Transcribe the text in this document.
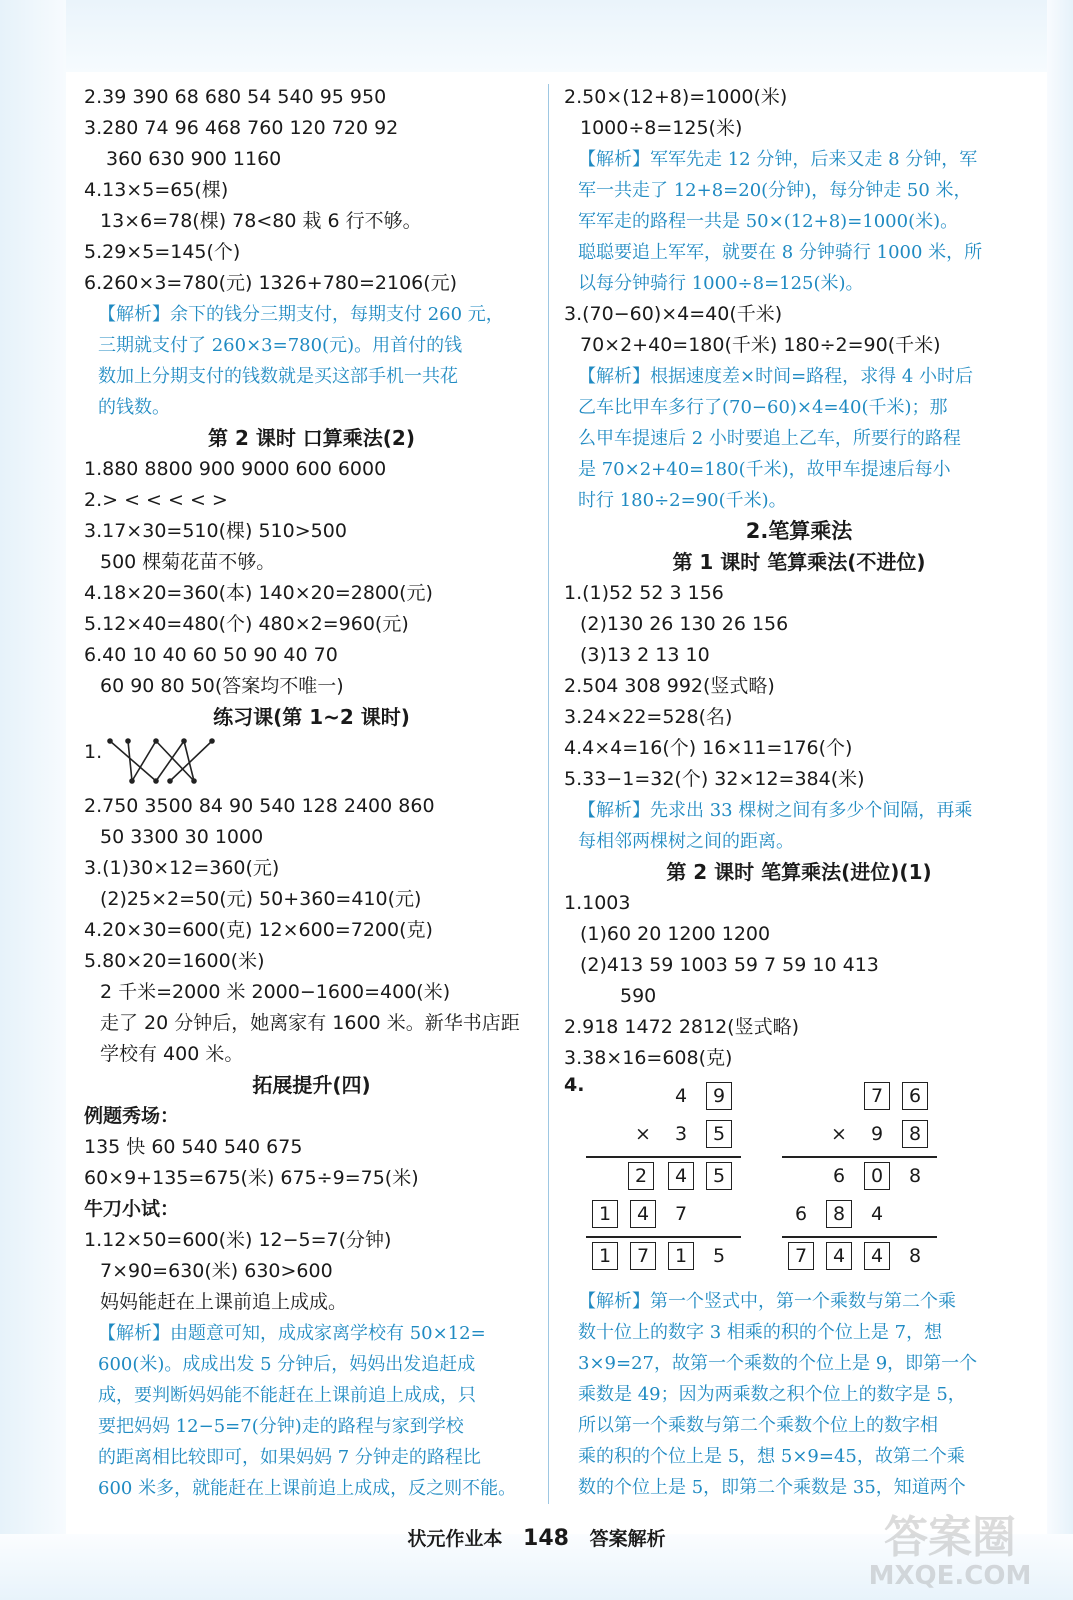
2.39 390 68 680 54 540 95 950
3.280 74 96 468 760 120 720 92
360 630 900 1160
4.13×5=65(棵)
13×6=78(棵) 78<80 栽 6 行不够。
5.29×5=145(个)
6.260×3=780(元) 1326+780=2106(元)
【解析】余下的钱分三期支付，每期支付 260 元，
三期就支付了 260×3=780(元)。用首付的钱
数加上分期支付的钱数就是买这部手机一共花
的钱数。
第 2 课时 口算乘法(2)
1.880 8800 900 9000 600 6000
2.> < < < < >
3.17×30=510(棵) 510>500
500 棵菊花苗不够。
4.18×20=360(本) 140×20=2800(元)
5.12×40=480(个) 480×2=960(元)
6.40 10 40 60 50 90 40 70
60 90 80 50(答案均不唯一)
练习课(第 1~2 课时)
1.
2.750 3500 84 90 540 128 2400 860
50 3300 30 1000
3.(1)30×12=360(元)
(2)25×2=50(元) 50+360=410(元)
4.20×30=600(克) 12×600=7200(克)
5.80×20=1600(米)
2 千米=2000 米 2000−1600=400(米)
走了 20 分钟后，她离家有 1600 米。新华书店距
学校有 400 米。
拓展提升(四)
例题秀场：
135 快 60 540 540 675
60×9+135=675(米) 675÷9=75(米)
牛刀小试：
1.12×50=600(米) 12−5=7(分钟)
7×90=630(米) 630>600
妈妈能赶在上课前追上成成。
【解析】由题意可知，成成家离学校有 50×12=
600(米)。成成出发 5 分钟后，妈妈出发追赶成
成，要判断妈妈能不能赶在上课前追上成成，只
要把妈妈 12−5=7(分钟)走的路程与家到学校
的距离相比较即可，如果妈妈 7 分钟走的路程比
600 米多，就能赶在上课前追上成成，反之则不能。
2.50×(12+8)=1000(米)
1000÷8=125(米)
【解析】军军先走 12 分钟，后来又走 8 分钟，军
军一共走了 12+8=20(分钟)，每分钟走 50 米，
军军走的路程一共是 50×(12+8)=1000(米)。
聪聪要追上军军，就要在 8 分钟骑行 1000 米，所
以每分钟骑行 1000÷8=125(米)。
3.(70−60)×4=40(千米)
70×2+40=180(千米) 180÷2=90(千米)
【解析】根据速度差×时间=路程，求得 4 小时后
乙车比甲车多行了(70−60)×4=40(千米)；那
么甲车提速后 2 小时要追上乙车，所要行的路程
是 70×2+40=180(千米)，故甲车提速后每小
时行 180÷2=90(千米)。
2.笔算乘法
第 1 课时 笔算乘法(不进位)
1.(1)52 52 3 156
(2)130 26 130 26 156
(3)13 2 13 10
2.504 308 992(竖式略)
3.24×22=528(名)
4.4×4=16(个) 16×11=176(个)
5.33−1=32(个) 32×12=384(米)
【解析】先求出 33 棵树之间有多少个间隔，再乘
每相邻两棵树之间的距离。
第 2 课时 笔算乘法(进位)(1)
1.1003
(1)60 20 1200 1200
(2)413 59 1003 59 7 59 10 413
590
2.918 1472 2812(竖式略)
3.38×16=608(克)
4.	4	9
×	3	5
2	4	5
1	4	7
1	7	1	5
7	6
×	9	8
6	0	8
6	8	4
7	4	4	8
【解析】第一个竖式中，第一个乘数与第二个乘
数十位上的数字 3 相乘的积的个位上是 7，想
3×9=27，故第一个乘数的个位上是 9，即第一个
乘数是 49；因为两乘数之积个位上的数字是 5，
所以第一个乘数与第二个乘数个位上的数字相
乘的积的个位上是 5，想 5×9=45，故第二个乘
数的个位上是 5，即第二个乘数是 35，知道两个
状元作业本 148 答案解析	答案圈
MXQE.COM
